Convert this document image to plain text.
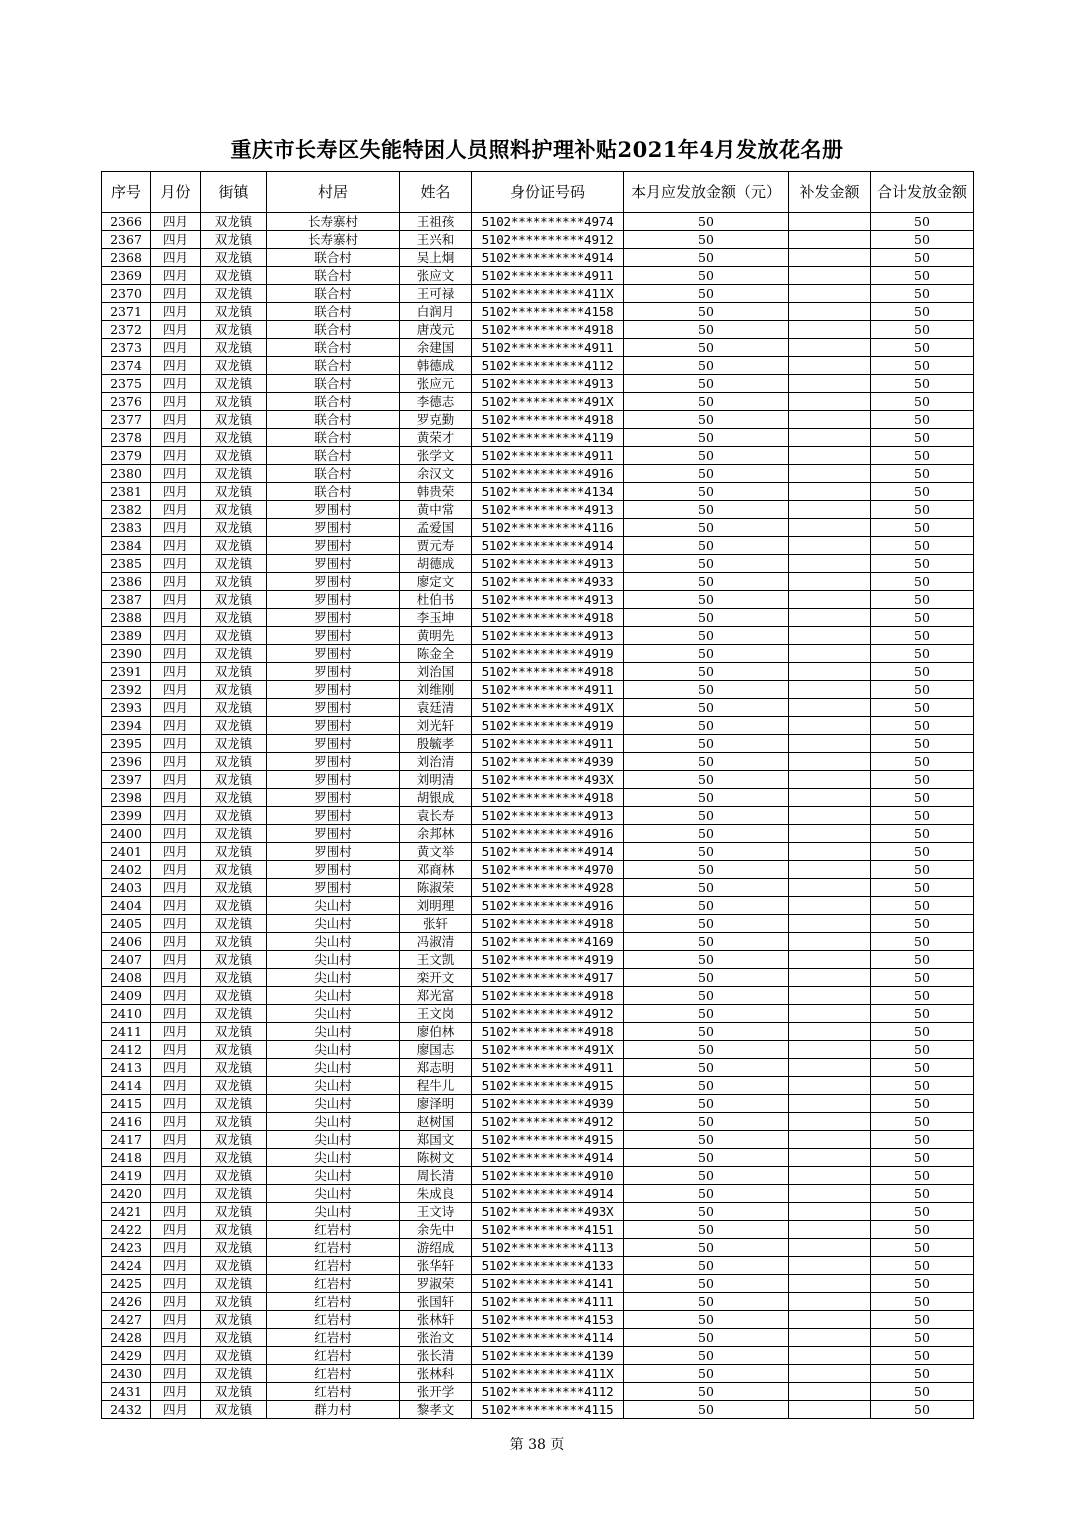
重庆市长寿区失能特困人员照料护理补贴2021年4月发放花名册
序号	月份	街镇	村居	姓名	身份证号码	本月应发放金额（元）	补发金额	合计发放金额
2366	四月	双龙镇	长寿寨村	王祖孩	5102**********4974	50		50
2367	四月	双龙镇	长寿寨村	王兴和	5102**********4912	50		50
2368	四月	双龙镇	联合村	吴上炯	5102**********4914	50		50
2369	四月	双龙镇	联合村	张应文	5102**********4911	50		50
2370	四月	双龙镇	联合村	王可禄	5102**********411X	50		50
2371	四月	双龙镇	联合村	白润月	5102**********4158	50		50
2372	四月	双龙镇	联合村	唐茂元	5102**********4918	50		50
2373	四月	双龙镇	联合村	余建国	5102**********4911	50		50
2374	四月	双龙镇	联合村	韩德成	5102**********4112	50		50
2375	四月	双龙镇	联合村	张应元	5102**********4913	50		50
2376	四月	双龙镇	联合村	李德志	5102**********491X	50		50
2377	四月	双龙镇	联合村	罗克勤	5102**********4918	50		50
2378	四月	双龙镇	联合村	黄荣才	5102**********4119	50		50
2379	四月	双龙镇	联合村	张学文	5102**********4911	50		50
2380	四月	双龙镇	联合村	余汉文	5102**********4916	50		50
2381	四月	双龙镇	联合村	韩贵荣	5102**********4134	50		50
2382	四月	双龙镇	罗围村	黄中常	5102**********4913	50		50
2383	四月	双龙镇	罗围村	孟爱国	5102**********4116	50		50
2384	四月	双龙镇	罗围村	贾元寿	5102**********4914	50		50
2385	四月	双龙镇	罗围村	胡德成	5102**********4913	50		50
2386	四月	双龙镇	罗围村	廖定文	5102**********4933	50		50
2387	四月	双龙镇	罗围村	杜伯书	5102**********4913	50		50
2388	四月	双龙镇	罗围村	李玉坤	5102**********4918	50		50
2389	四月	双龙镇	罗围村	黄明先	5102**********4913	50		50
2390	四月	双龙镇	罗围村	陈金全	5102**********4919	50		50
2391	四月	双龙镇	罗围村	刘治国	5102**********4918	50		50
2392	四月	双龙镇	罗围村	刘维刚	5102**********4911	50		50
2393	四月	双龙镇	罗围村	袁廷清	5102**********491X	50		50
2394	四月	双龙镇	罗围村	刘光轩	5102**********4919	50		50
2395	四月	双龙镇	罗围村	殷毓孝	5102**********4911	50		50
2396	四月	双龙镇	罗围村	刘治清	5102**********4939	50		50
2397	四月	双龙镇	罗围村	刘明清	5102**********493X	50		50
2398	四月	双龙镇	罗围村	胡银成	5102**********4918	50		50
2399	四月	双龙镇	罗围村	袁长寿	5102**********4913	50		50
2400	四月	双龙镇	罗围村	余邦林	5102**********4916	50		50
2401	四月	双龙镇	罗围村	黄文举	5102**********4914	50		50
2402	四月	双龙镇	罗围村	邓商林	5102**********4970	50		50
2403	四月	双龙镇	罗围村	陈淑荣	5102**********4928	50		50
2404	四月	双龙镇	尖山村	刘明理	5102**********4916	50		50
2405	四月	双龙镇	尖山村	张轩	5102**********4918	50		50
2406	四月	双龙镇	尖山村	冯淑清	5102**********4169	50		50
2407	四月	双龙镇	尖山村	王文凯	5102**********4919	50		50
2408	四月	双龙镇	尖山村	栾开文	5102**********4917	50		50
2409	四月	双龙镇	尖山村	郑光富	5102**********4918	50		50
2410	四月	双龙镇	尖山村	王文岗	5102**********4912	50		50
2411	四月	双龙镇	尖山村	廖伯林	5102**********4918	50		50
2412	四月	双龙镇	尖山村	廖国志	5102**********491X	50		50
2413	四月	双龙镇	尖山村	郑志明	5102**********4911	50		50
2414	四月	双龙镇	尖山村	程牛儿	5102**********4915	50		50
2415	四月	双龙镇	尖山村	廖泽明	5102**********4939	50		50
2416	四月	双龙镇	尖山村	赵树国	5102**********4912	50		50
2417	四月	双龙镇	尖山村	郑国文	5102**********4915	50		50
2418	四月	双龙镇	尖山村	陈树文	5102**********4914	50		50
2419	四月	双龙镇	尖山村	周长清	5102**********4910	50		50
2420	四月	双龙镇	尖山村	朱成良	5102**********4914	50		50
2421	四月	双龙镇	尖山村	王文诗	5102**********493X	50		50
2422	四月	双龙镇	红岩村	余先中	5102**********4151	50		50
2423	四月	双龙镇	红岩村	游绍成	5102**********4113	50		50
2424	四月	双龙镇	红岩村	张华轩	5102**********4133	50		50
2425	四月	双龙镇	红岩村	罗淑荣	5102**********4141	50		50
2426	四月	双龙镇	红岩村	张国轩	5102**********4111	50		50
2427	四月	双龙镇	红岩村	张林轩	5102**********4153	50		50
2428	四月	双龙镇	红岩村	张治文	5102**********4114	50		50
2429	四月	双龙镇	红岩村	张长清	5102**********4139	50		50
2430	四月	双龙镇	红岩村	张林科	5102**********411X	50		50
2431	四月	双龙镇	红岩村	张开学	5102**********4112	50		50
2432	四月	双龙镇	群力村	黎孝文	5102**********4115	50		50
第 38 页
